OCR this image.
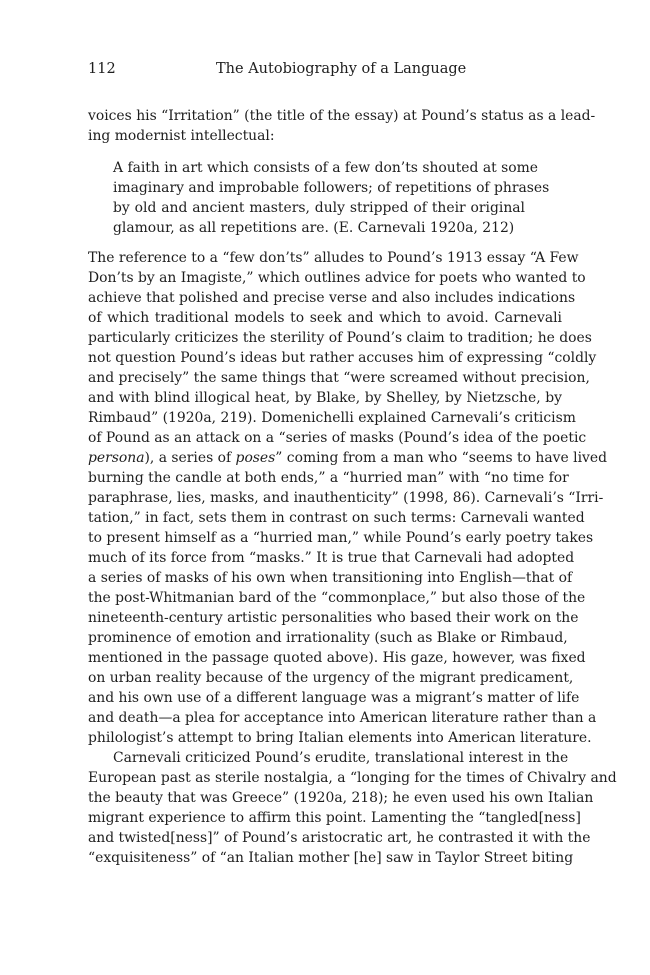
112	The Autobiography of a Language
voices his “Irritation” (the title of the essay) at Pound’s status as a lead-
ing modernist intellectual:
A faith in art which consists of a few don’ts shouted at some
imaginary and improbable followers; of repetitions of phrases
by old and ancient masters, duly stripped of their original
glamour, as all repetitions are. (E. Carnevali 1920a, 212)
The reference to a “few don’ts” alludes to Pound’s 1913 essay “A Few
Don’ts by an Imagiste,” which outlines advice for poets who wanted to
achieve that polished and precise verse and also includes indications
of which traditional models to seek and which to avoid. Carnevali
particularly criticizes the sterility of Pound’s claim to tradition; he does
not question Pound’s ideas but rather accuses him of expressing “coldly
and precisely” the same things that “were screamed without precision,
and with blind illogical heat, by Blake, by Shelley, by Nietzsche, by
Rimbaud” (1920a, 219). Domenichelli explained Carnevali’s criticism
of Pound as an attack on a “series of masks (Pound’s idea of the poetic
persona), a series of poses” coming from a man who “seems to have lived
burning the candle at both ends,” a “hurried man” with “no time for
paraphrase, lies, masks, and inauthenticity” (1998, 86). Carnevali’s “Irri-
tation,” in fact, sets them in contrast on such terms: Carnevali wanted
to present himself as a “hurried man,” while Pound’s early poetry takes
much of its force from “masks.” It is true that Carnevali had adopted
a series of masks of his own when transitioning into English—that of
the post-Whitmanian bard of the “commonplace,” but also those of the
nineteenth-century artistic personalities who based their work on the
prominence of emotion and irrationality (such as Blake or Rimbaud,
mentioned in the passage quoted above). His gaze, however, was fixed
on urban reality because of the urgency of the migrant predicament,
and his own use of a different language was a migrant’s matter of life
and death—a plea for acceptance into American literature rather than a
philologist’s attempt to bring Italian elements into American literature.
Carnevali criticized Pound’s erudite, translational interest in the
European past as sterile nostalgia, a “longing for the times of Chivalry and
the beauty that was Greece” (1920a, 218); he even used his own Italian
migrant experience to affirm this point. Lamenting the “tangled[ness]
and twisted[ness]” of Pound’s aristocratic art, he contrasted it with the
“exquisiteness” of “an Italian mother [he] saw in Taylor Street biting
